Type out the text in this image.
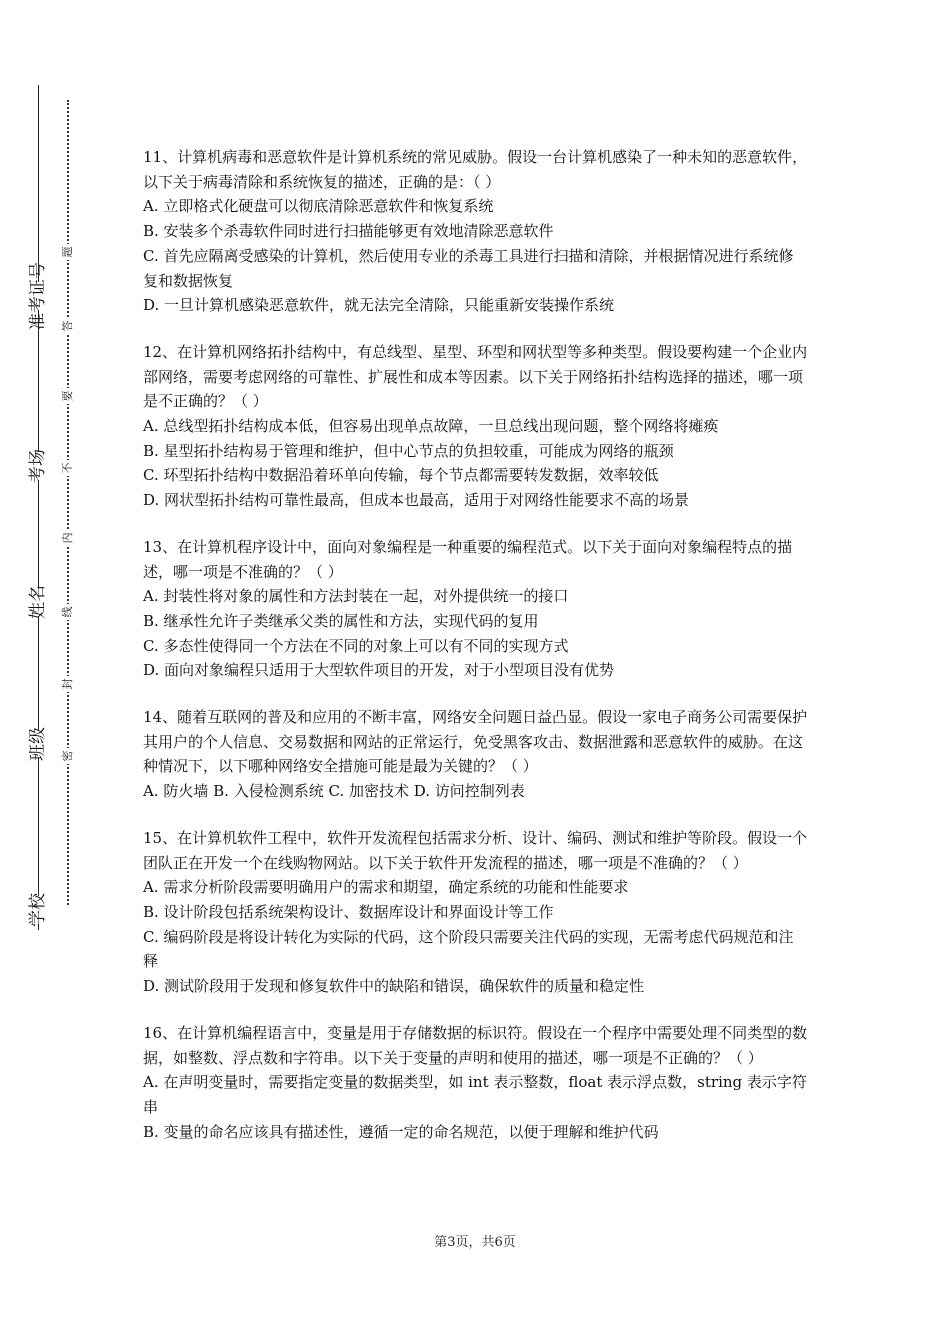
准考证号
考场
姓名
班级
学校
题
答
要
不
内
线
封
密

11、计算机病毒和恶意软件是计算机系统的常见威胁。假设一台计算机感染了一种未知的恶意软件，以下关于病毒清除和系统恢复的描述，正确的是：（ ）

A. 立即格式化硬盘可以彻底清除恶意软件和恢复系统

B. 安装多个杀毒软件同时进行扫描能够更有效地清除恶意软件

C. 首先应隔离受感染的计算机，然后使用专业的杀毒工具进行扫描和清除，并根据情况进行系统修复和数据恢复

D. 一旦计算机感染恶意软件，就无法完全清除，只能重新安装操作系统

12、在计算机网络拓扑结构中，有总线型、星型、环型和网状型等多种类型。假设要构建一个企业内部网络，需要考虑网络的可靠性、扩展性和成本等因素。以下关于网络拓扑结构选择的描述，哪一项是不正确的？（ ）

A. 总线型拓扑结构成本低，但容易出现单点故障，一旦总线出现问题，整个网络将瘫痪

B. 星型拓扑结构易于管理和维护，但中心节点的负担较重，可能成为网络的瓶颈

C. 环型拓扑结构中数据沿着环单向传输，每个节点都需要转发数据，效率较低

D. 网状型拓扑结构可靠性最高，但成本也最高，适用于对网络性能要求不高的场景

13、在计算机程序设计中，面向对象编程是一种重要的编程范式。以下关于面向对象编程特点的描述，哪一项是不准确的？（ ）

A. 封装性将对象的属性和方法封装在一起，对外提供统一的接口

B. 继承性允许子类继承父类的属性和方法，实现代码的复用

C. 多态性使得同一个方法在不同的对象上可以有不同的实现方式

D. 面向对象编程只适用于大型软件项目的开发，对于小型项目没有优势

14、随着互联网的普及和应用的不断丰富，网络安全问题日益凸显。假设一家电子商务公司需要保护其用户的个人信息、交易数据和网站的正常运行，免受黑客攻击、数据泄露和恶意软件的威胁。在这种情况下，以下哪种网络安全措施可能是最为关键的？（ ）

A. 防火墙 B. 入侵检测系统 C. 加密技术 D. 访问控制列表

15、在计算机软件工程中，软件开发流程包括需求分析、设计、编码、测试和维护等阶段。假设一个团队正在开发一个在线购物网站。以下关于软件开发流程的描述，哪一项是不准确的？（ ）

A. 需求分析阶段需要明确用户的需求和期望，确定系统的功能和性能要求

B. 设计阶段包括系统架构设计、数据库设计和界面设计等工作

C. 编码阶段是将设计转化为实际的代码，这个阶段只需要关注代码的实现，无需考虑代码规范和注释

D. 测试阶段用于发现和修复软件中的缺陷和错误，确保软件的质量和稳定性

16、在计算机编程语言中，变量是用于存储数据的标识符。假设在一个程序中需要处理不同类型的数据，如整数、浮点数和字符串。以下关于变量的声明和使用的描述，哪一项是不正确的？（ ）

A. 在声明变量时，需要指定变量的数据类型，如 int 表示整数，float 表示浮点数，string 表示字符串

B. 变量的命名应该具有描述性，遵循一定的命名规范，以便于理解和维护代码

第3页，共6页
